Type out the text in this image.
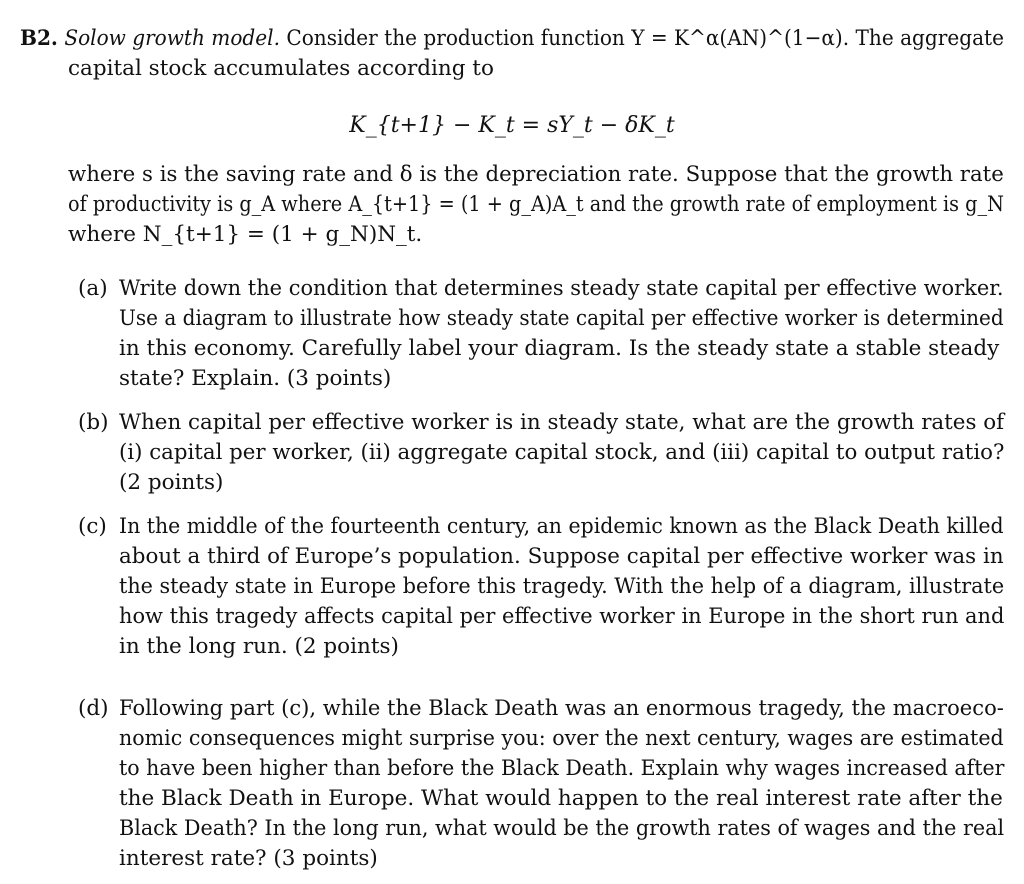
B2. Solow growth model. Consider the production function Y = K^α(AN)^(1−α). The aggregate
capital stock accumulates according to
K_{t+1} − K_t = sY_t − δK_t
where s is the saving rate and δ is the depreciation rate. Suppose that the growth rate
of productivity is g_A where A_{t+1} = (1 + g_A)A_t and the growth rate of employment is g_N
where N_{t+1} = (1 + g_N)N_t.
(a) Write down the condition that determines steady state capital per effective worker.
Use a diagram to illustrate how steady state capital per effective worker is determined
in this economy. Carefully label your diagram. Is the steady state a stable steady
state? Explain. (3 points)
(b) When capital per effective worker is in steady state, what are the growth rates of
(i) capital per worker, (ii) aggregate capital stock, and (iii) capital to output ratio?
(2 points)
(c) In the middle of the fourteenth century, an epidemic known as the Black Death killed
about a third of Europe’s population. Suppose capital per effective worker was in
the steady state in Europe before this tragedy. With the help of a diagram, illustrate
how this tragedy affects capital per effective worker in Europe in the short run and
in the long run. (2 points)
(d) Following part (c), while the Black Death was an enormous tragedy, the macroeco-
nomic consequences might surprise you: over the next century, wages are estimated
to have been higher than before the Black Death. Explain why wages increased after
the Black Death in Europe. What would happen to the real interest rate after the
Black Death? In the long run, what would be the growth rates of wages and the real
interest rate? (3 points)
